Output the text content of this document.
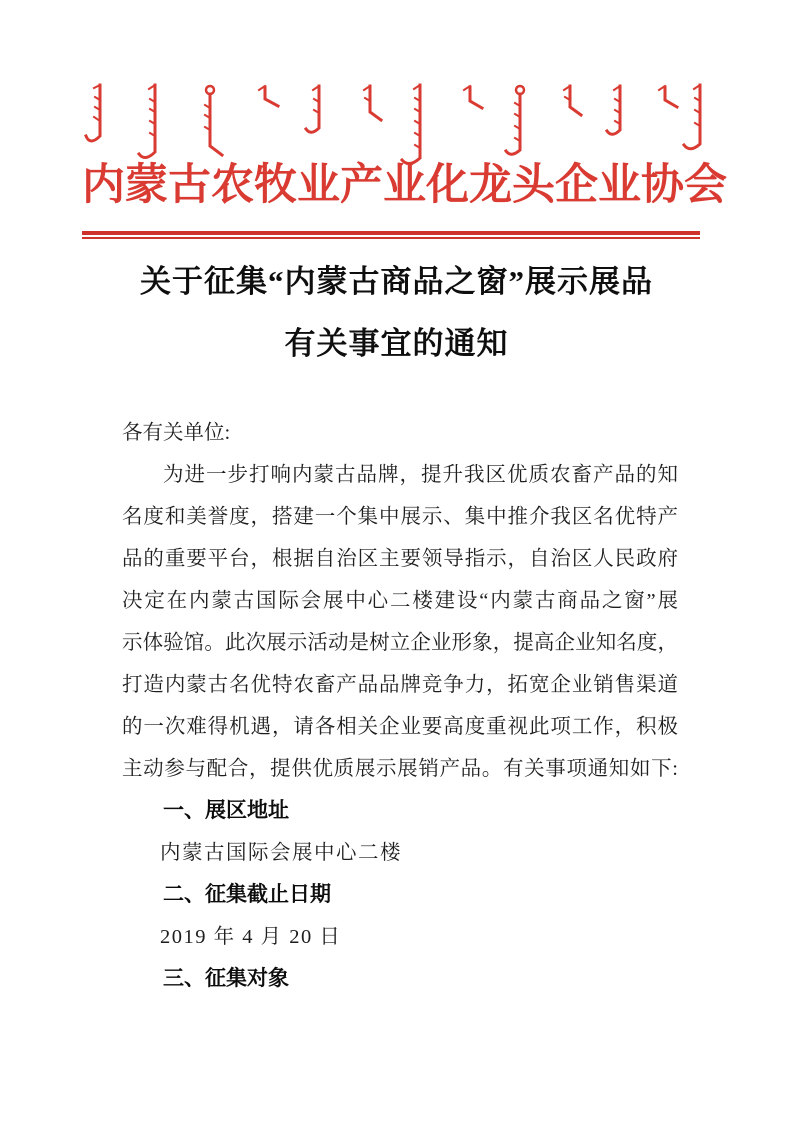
内蒙古农牧业产业化龙头企业协会
关于征集“内蒙古商品之窗”展示展品
有关事宜的通知
各有关单位:
为进一步打响内蒙古品牌，提升我区优质农畜产品的知
名度和美誉度，搭建一个集中展示、集中推介我区名优特产
品的重要平台，根据自治区主要领导指示，自治区人民政府
决定在内蒙古国际会展中心二楼建设“内蒙古商品之窗”展
示体验馆。此次展示活动是树立企业形象，提高企业知名度，
打造内蒙古名优特农畜产品品牌竞争力，拓宽企业销售渠道
的一次难得机遇，请各相关企业要高度重视此项工作，积极
主动参与配合，提供优质展示展销产品。有关事项通知如下:
一、展区地址
内蒙古国际会展中心二楼
二、征集截止日期
2019 年 4 月 20 日
三、征集对象
